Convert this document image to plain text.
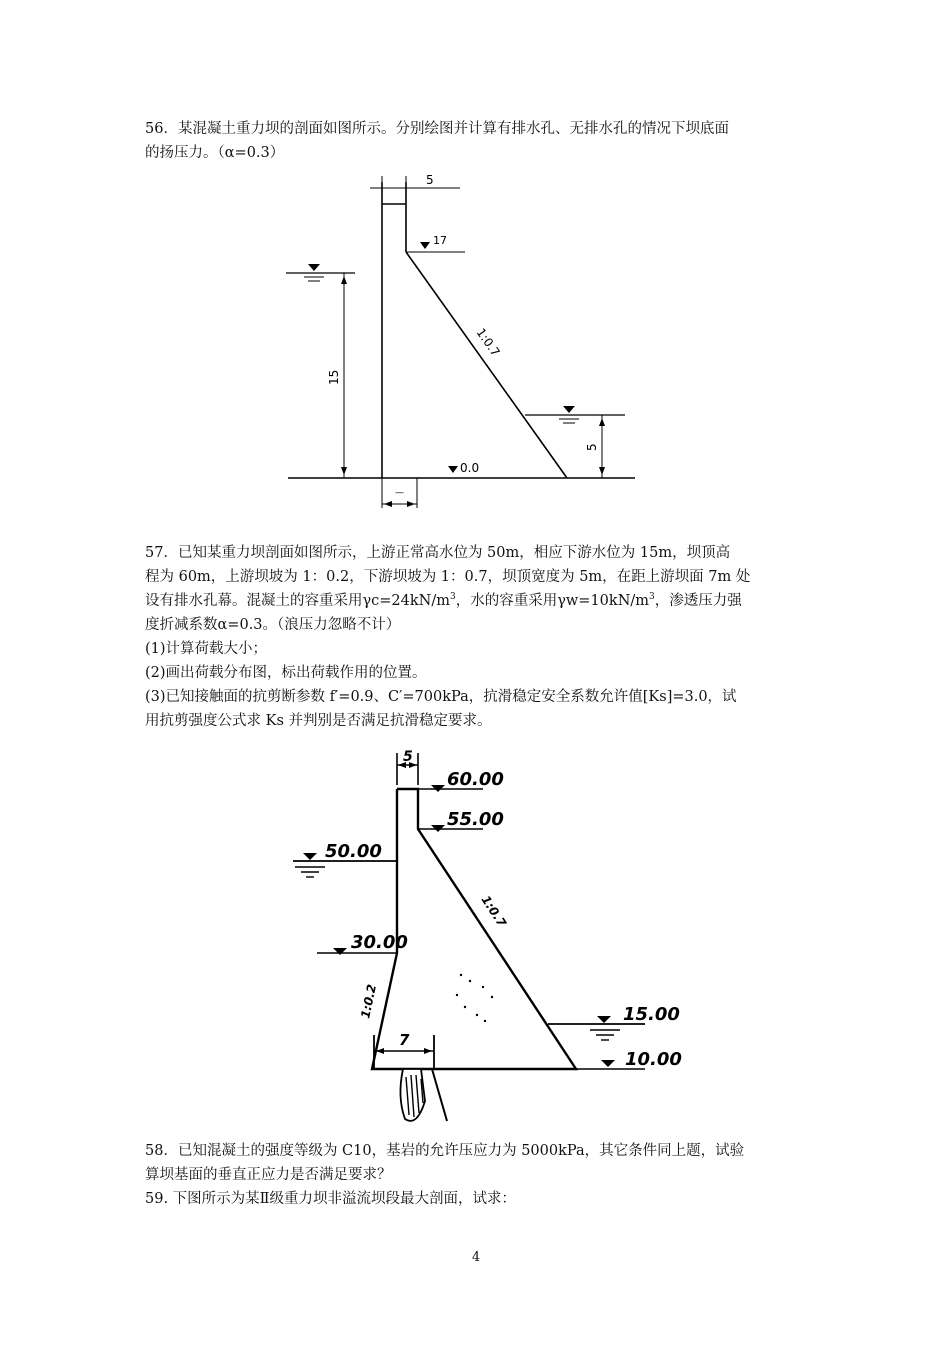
56．某混凝土重力坝的剖面如图所示。分别绘图并计算有排水孔、无排水孔的情况下坝底面
的扬压力。（α=0.3）
5
17
1:0.7
15
5
0.0
—
57．已知某重力坝剖面如图所示，上游正常高水位为 50m，相应下游水位为 15m，坝顶高
程为 60m，上游坝坡为 1：0.2，下游坝坡为 1：0.7，坝顶宽度为 5m，在距上游坝面 7m 处
设有排水孔幕。混凝土的容重采用$\gamma c=24kN/m^3$，水的容重采用$\gamma w=10kN/m^3$，渗透压力强
度折减系数α=0.3。（浪压力忽略不计）
(1)计算荷载大小；
(2)画出荷载分布图，标出荷载作用的位置。
(3)已知接触面的抗剪断参数 f′=0.9、C′=700kPa，抗滑稳定安全系数允许值[Ks]=3.0，试
用抗剪强度公式求 Ks 并判别是否满足抗滑稳定要求。
5
60.00
55.00
50.00
30.00
1:0.7
1:0.2
7
15.00
10.00
58．已知混凝土的强度等级为 C10，基岩的允许压应力为 5000kPa，其它条件同上题，试验
算坝基面的垂直正应力是否满足要求？
59. 下图所示为某Ⅱ级重力坝非溢流坝段最大剖面，试求：
4
